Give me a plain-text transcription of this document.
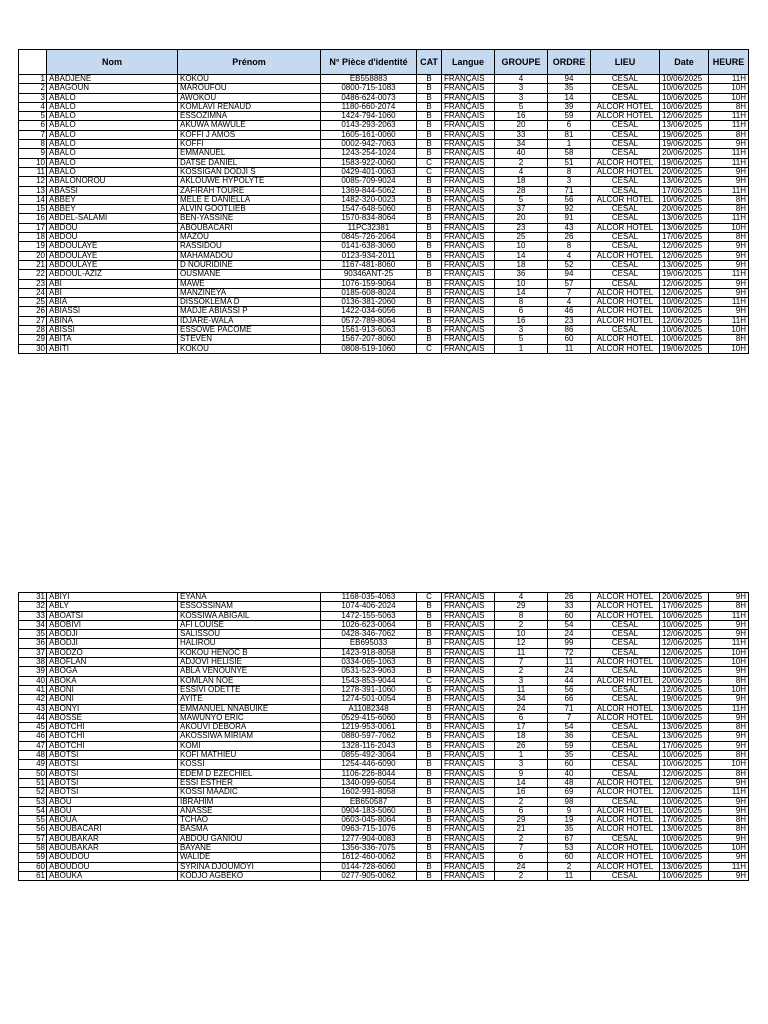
	Nom	Prénom	N° Pièce d'identité	CAT	Langue	GROUPE	ORDRE	LIEU	Date	HEURE
1	ABADJENE	KOKOU	EB558883	B	FRANÇAIS	4	94	CESAL	10/06/2025	11H
2	ABAGOUN	MAROUFOU	0800-715-1083	B	FRANÇAIS	3	35	CESAL	10/06/2025	10H
3	ABALO	AWOKOU	0486-624-0073	B	FRANÇAIS	3	14	CESAL	10/06/2025	10H
4	ABALO	KOMLAVI RENAUD	1180-660-2074	B	FRANÇAIS	5	39	ALCOR HOTEL	10/06/2025	8H
5	ABALO	ESSOZIMNA	1424-794-1060	B	FRANÇAIS	16	59	ALCOR HOTEL	12/06/2025	11H
6	ABALO	AKUWA MAWULE	0143-293-2063	B	FRANÇAIS	20	6	CESAL	13/06/2025	11H
7	ABALO	KOFFI J AMOS	1605-161-0060	B	FRANÇAIS	33	81	CESAL	19/06/2025	8H
8	ABALO	KOFFI	0002-942-7063	B	FRANÇAIS	34	1	CESAL	19/06/2025	9H
9	ABALO	EMMANUEL	1243-254-1024	B	FRANÇAIS	40	58	CESAL	20/06/2025	11H
10	ABALO	DATSE DANIEL	1583-922-0060	C	FRANÇAIS	2	51	ALCOR HOTEL	19/06/2025	11H
11	ABALO	KOSSIGAN DODJI S	0429-401-0063	C	FRANÇAIS	4	8	ALCOR HOTEL	20/06/2025	9H
12	ABALONOROU	AKLOUWE HYPOLYTE	0085-709-9024	B	FRANÇAIS	18	3	CESAL	13/06/2025	9H
13	ABASSI	ZAFIRAH TOURE	1369-844-5062	B	FRANÇAIS	28	71	CESAL	17/06/2025	11H
14	ABBEY	MELE E DANIELLA	1482-320-0023	B	FRANÇAIS	5	56	ALCOR HOTEL	10/06/2025	8H
15	ABBEY	ALVIN GOOTLIEB	1547-648-5060	B	FRANÇAIS	37	92	CESAL	20/06/2025	8H
16	ABDEL-SALAMI	BEN-YASSINE	1570-834-8064	B	FRANÇAIS	20	91	CESAL	13/06/2025	11H
17	ABDOU	ABOUBACARI	11PC32381	B	FRANÇAIS	23	43	ALCOR HOTEL	13/06/2025	10H
18	ABDOU	MAZOU	0845-726-2064	B	FRANÇAIS	25	26	CESAL	17/06/2025	8H
19	ABDOULAYE	RASSIDOU	0141-638-3060	B	FRANÇAIS	10	8	CESAL	12/06/2025	9H
20	ABDOULAYE	MAHAMADOU	0123-934-2011	B	FRANÇAIS	14	4	ALCOR HOTEL	12/06/2025	9H
21	ABDOULAYE	D NOURIDINE	1167-481-8060	B	FRANÇAIS	18	52	CESAL	13/06/2025	9H
22	ABDOUL-AZIZ	OUSMANE	90346ANT-25	B	FRANÇAIS	36	94	CESAL	19/06/2025	11H
23	ABI	MAWE	1076-159-9064	B	FRANÇAIS	10	57	CESAL	12/06/2025	9H
24	ABI	MANZINEYA	0185-608-8024	B	FRANÇAIS	14	7	ALCOR HOTEL	12/06/2025	9H
25	ABIA	DISSOKLEMA D	0136-381-2060	B	FRANÇAIS	8	4	ALCOR HOTEL	10/06/2025	11H
26	ABIASSI	MADJE ABIASSI P	1422-034-6056	B	FRANÇAIS	6	46	ALCOR HOTEL	10/06/2025	9H
27	ABINA	IDJARE-WALA	0572-789-8064	B	FRANÇAIS	16	23	ALCOR HOTEL	12/06/2025	11H
28	ABISSI	ESSOWE PACOME	1561-913-6063	B	FRANÇAIS	3	86	CESAL	10/06/2025	10H
29	ABITA	STEVEN	1567-207-8060	B	FRANÇAIS	5	60	ALCOR HOTEL	10/06/2025	8H
30	ABITI	KOKOU	0808-519-1060	C	FRANÇAIS	1	11	ALCOR HOTEL	19/06/2025	10H
31	ABIYI	EYANA	1168-035-4063	C	FRANÇAIS	4	26	ALCOR HOTEL	20/06/2025	9H
32	ABLY	ESSOSSINAM	1074-406-2024	B	FRANÇAIS	29	33	ALCOR HOTEL	17/06/2025	8H
33	ABOATSI	KOSSIWA ABIGAIL	1472-155-5063	B	FRANÇAIS	8	60	ALCOR HOTEL	10/06/2025	11H
34	ABOBIVI	AFI LOUISE	1026-623-0064	B	FRANÇAIS	2	54	CESAL	10/06/2025	9H
35	ABODJI	SALISSOU	0428-346-7062	B	FRANÇAIS	10	24	CESAL	12/06/2025	9H
36	ABODJI	HALIROU	EB695033	B	FRANÇAIS	12	99	CESAL	12/06/2025	11H
37	ABODZO	KOKOU HENOC B	1423-918-8058	B	FRANÇAIS	11	72	CESAL	12/06/2025	10H
38	ABOFLAN	ADJOVI HELISIE	0334-065-1063	B	FRANÇAIS	7	11	ALCOR HOTEL	10/06/2025	10H
39	ABOGA	ABLA VENOUNYE	0531-523-9063	B	FRANÇAIS	2	24	CESAL	10/06/2025	9H
40	ABOKA	KOMLAN NOE	1543-853-9044	C	FRANÇAIS	3	44	ALCOR HOTEL	20/06/2025	8H
41	ABONI	ESSIVI ODETTE	1278-391-1060	B	FRANÇAIS	11	56	CESAL	12/06/2025	10H
42	ABONI	AYITE	1274-501-0054	B	FRANÇAIS	34	66	CESAL	19/06/2025	9H
43	ABONYI	EMMANUEL NNABUIKE	A11082348	B	FRANÇAIS	24	71	ALCOR HOTEL	13/06/2025	11H
44	ABOSSE	MAWUNYO ERIC	0529-415-6060	B	FRANÇAIS	6	7	ALCOR HOTEL	10/06/2025	9H
45	ABOTCHI	AKOUVI DEBORA	1219-953-0061	B	FRANÇAIS	17	54	CESAL	13/06/2025	8H
46	ABOTCHI	AKOSSIWA MIRIAM	0880-597-7062	B	FRANÇAIS	18	36	CESAL	13/06/2025	9H
47	ABOTCHI	KOMI	1328-116-2043	B	FRANÇAIS	26	59	CESAL	17/06/2025	9H
48	ABOTSI	KOFI MATHIEU	0855-492-3064	B	FRANÇAIS	1	35	CESAL	10/06/2025	8H
49	ABOTSI	KOSSI	1254-446-6090	B	FRANÇAIS	3	60	CESAL	10/06/2025	10H
50	ABOTSI	EDEM D EZECHIEL	1106-226-8044	B	FRANÇAIS	9	40	CESAL	12/06/2025	8H
51	ABOTSI	ESSI ESTHER	1340-099-6054	B	FRANÇAIS	14	48	ALCOR HOTEL	12/06/2025	9H
52	ABOTSI	KOSSI MAADIC	1602-991-8058	B	FRANÇAIS	16	69	ALCOR HOTEL	12/06/2025	11H
53	ABOU	IBRAHIM	EB650587	B	FRANÇAIS	2	98	CESAL	10/06/2025	9H
54	ABOU	ANASSE	0904-183-5060	B	FRANÇAIS	6	9	ALCOR HOTEL	10/06/2025	9H
55	ABOUA	TCHAO	0603-045-8064	B	FRANÇAIS	29	19	ALCOR HOTEL	17/06/2025	8H
56	ABOUBACARI	BASMA	0963-715-1076	B	FRANÇAIS	21	35	ALCOR HOTEL	13/06/2025	8H
57	ABOUBAKAR	ABDOU GANIOU	1277-904-0083	B	FRANÇAIS	2	67	CESAL	10/06/2025	9H
58	ABOUBAKAR	BAYANE	1356-336-7075	B	FRANÇAIS	7	53	ALCOR HOTEL	10/06/2025	10H
59	ABOUDOU	WALIDE	1612-460-0062	B	FRANÇAIS	6	60	ALCOR HOTEL	10/06/2025	9H
60	ABOUDOU	SYRINA DJOUMOYI	0144-728-6060	B	FRANÇAIS	24	2	ALCOR HOTEL	13/06/2025	11H
61	ABOUKA	KODJO AGBEKO	0277-905-0062	B	FRANÇAIS	2	11	CESAL	10/06/2025	9H
